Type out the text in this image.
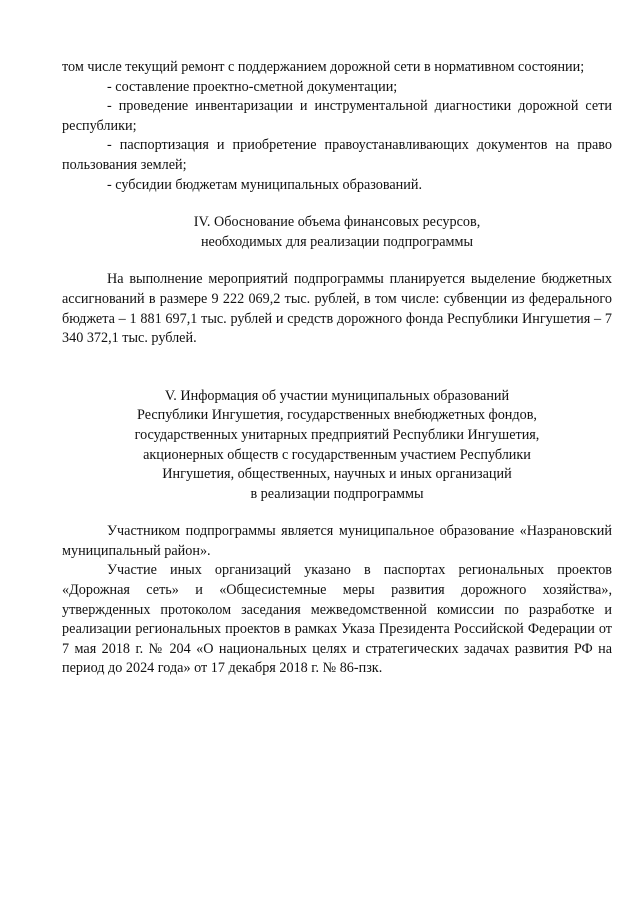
том числе текущий ремонт с поддержанием дорожной сети в нормативном состоянии;

- составление проектно-сметной документации;

- проведение инвентаризации и инструментальной диагностики дорожной сети республики;

- паспортизация и приобретение правоустанавливающих документов на право пользования землей;

- субсидии бюджетам муниципальных образований.

IV. Обоснование объема финансовых ресурсов,
необходимых для реализации подпрограммы

На выполнение мероприятий подпрограммы планируется выделение бюджетных ассигнований в размере 9 222 069,2 тыс. рублей, в том числе: субвенции из федерального бюджета – 1 881 697,1 тыс. рублей и средств дорожного фонда Республики Ингушетия – 7 340 372,1 тыс. рублей.

V. Информация об участии муниципальных образований
Республики Ингушетия, государственных внебюджетных фондов,
государственных унитарных предприятий Республики Ингушетия,
акционерных обществ с государственным участием Республики
Ингушетия, общественных, научных и иных организаций
в реализации подпрограммы

Участником подпрограммы является муниципальное образование «Назрановский муниципальный район».

Участие иных организаций указано в паспортах региональных проектов «Дорожная сеть» и «Общесистемные меры развития дорожного хозяйства», утвержденных протоколом заседания межведомственной комиссии по разработке и реализации региональных проектов в рамках Указа Президента Российской Федерации от 7 мая 2018 г. № 204 «О национальных целях и стратегических задачах развития РФ на период до 2024 года» от 17 декабря 2018 г. № 86-пзк.
